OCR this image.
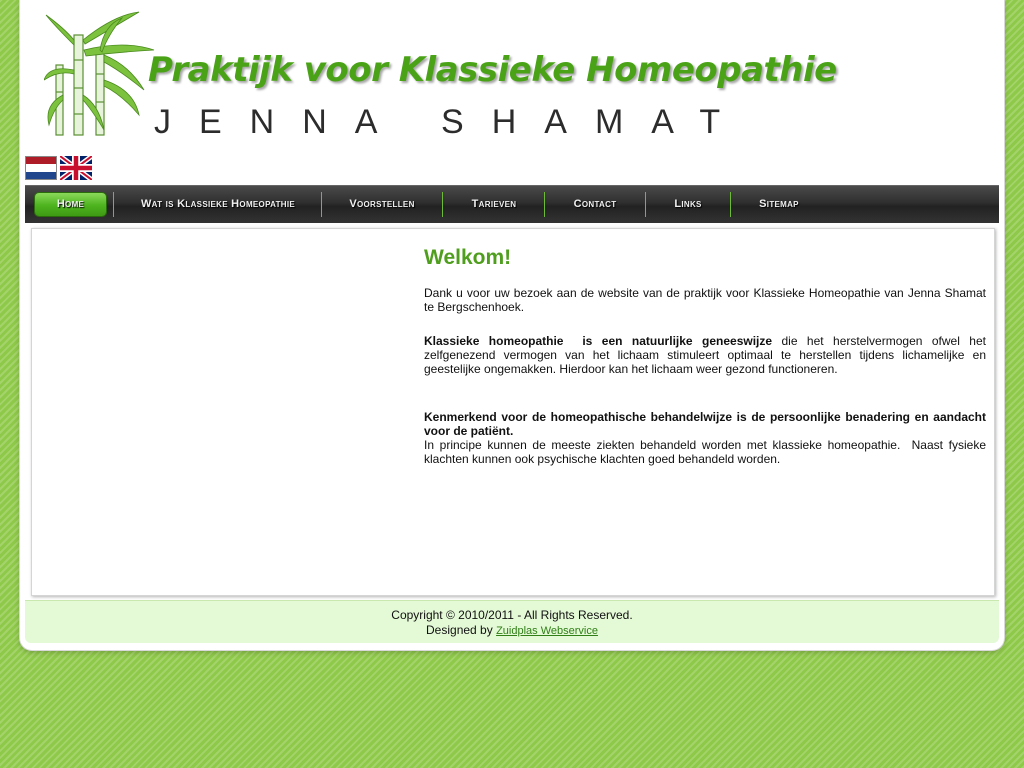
Praktijk voor Klassieke Homeopathie
JENNA SHAMAT
Home	Wat is Klassieke Homeopathie	Voorstellen	Tarieven	Contact	Links	Sitemap
Welkom!

Dank u voor uw bezoek aan de website van de praktijk voor Klassieke Homeopathie van Jenna Shamat te Bergschenhoek.

Klassieke homeopathie  is een natuurlijke geneeswijze die het herstelvermogen ofwel het zelfgenezend vermogen van het lichaam stimuleert optimaal te herstellen tijdens lichamelijke en geestelijke ongemakken. Hierdoor kan het lichaam weer gezond functioneren.

Kenmerkend voor de homeopathische behandelwijze is de persoonlijke benadering en aandacht voor de patiënt.
In principe kunnen de meeste ziekten behandeld worden met klassieke homeopathie.  Naast fysieke klachten kunnen ook psychische klachten goed behandeld worden.

Copyright © 2010/2011 - All Rights Reserved.
Designed by Zuidplas Webservice
